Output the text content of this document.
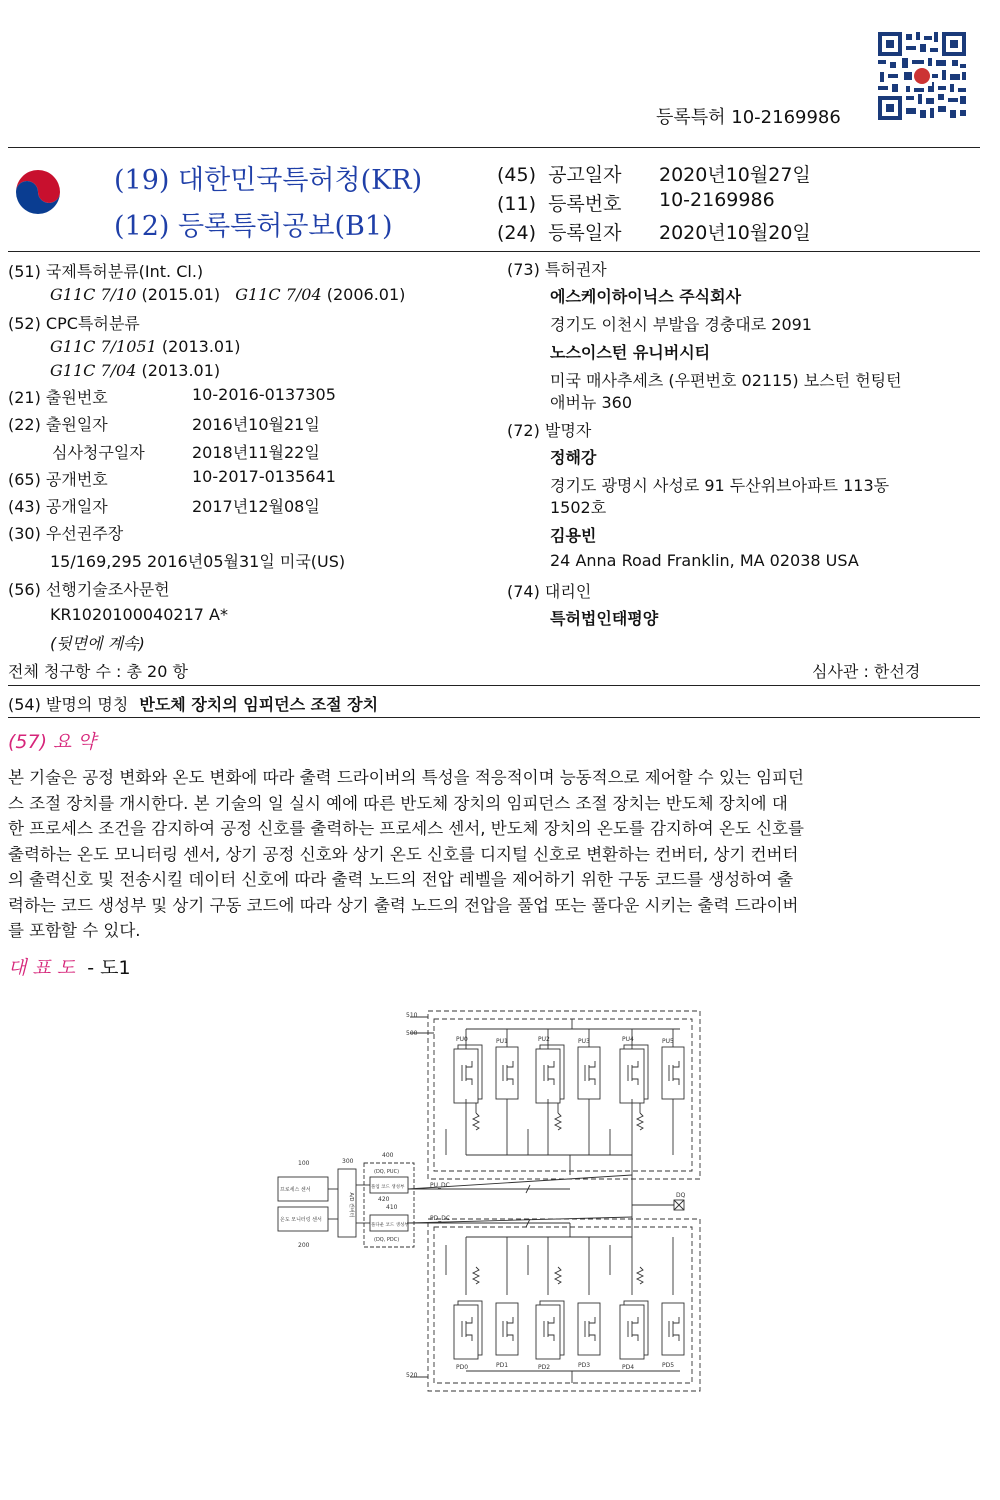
등록특허 10-2169986
(19) 대한민국특허청(KR)
(12) 등록특허공보(B1)
(45) 공고일자 2020년10월27일
(11) 등록번호 10-2169986
(24) 등록일자 2020년10월20일
(51) 국제특허분류(Int. Cl.)
G11C 7/10 (2015.01) G11C 7/04 (2006.01)
(52) CPC특허분류
G11C 7/1051 (2013.01)
G11C 7/04 (2013.01)
(21) 출원번호	10-2016-0137305
(22) 출원일자	2016년10월21일
심사청구일자	2018년11월22일
(65) 공개번호	10-2017-0135641
(43) 공개일자	2017년12월08일
(30) 우선권주장
15/169,295 2016년05월31일 미국(US)
(56) 선행기술조사문헌
KR1020100040217 A*
(뒷면에 계속)
(73) 특허권자
에스케이하이닉스 주식회사
경기도 이천시 부발읍 경충대로 2091
노스이스턴 유니버시티
미국 매사추세츠 (우편번호 02115) 보스턴 헌팅턴
애버뉴 360
(72) 발명자
정해강
경기도 광명시 사성로 91 두산위브아파트 113동
1502호
김용빈
24 Anna Road Franklin, MA 02038 USA
(74) 대리인
특허법인태평양
전체 청구항 수 : 총 20 항	심사관 : 한선경
(54) 발명의 명칭 반도체 장치의 임피던스 조절 장치
(57) 요 약
본 기술은 공정 변화와 온도 변화에 따라 출력 드라이버의 특성을 적응적이며 능동적으로 제어할 수 있는 임피던
스 조절 장치를 개시한다. 본 기술의 일 실시 예에 따른 반도체 장치의 임피던스 조절 장치는 반도체 장치에 대
한 프로세스 조건을 감지하여 공정 신호를 출력하는 프로세스 센서, 반도체 장치의 온도를 감지하여 온도 신호를
출력하는 온도 모니터링 센서, 상기 공정 신호와 상기 온도 신호를 디지털 신호로 변환하는 컨버터, 상기 컨버터
의 출력신호 및 전송시킬 데이터 신호에 따라 출력 노드의 전압 레벨을 제어하기 위한 구동 코드를 생성하여 출
력하는 코드 생성부 및 상기 구동 코드에 따라 상기 출력 노드의 전압을 풀업 또는 풀다운 시키는 출력 드라이버
를 포함할 수 있다.
대 표 도 - 도1
510
500
520
100
200
300
400
410
420
프로세스 센서
온도 모니터링 센서
A/D 컨버터
풀업 코드 생성부
풀다운 코드 생성부
(DQ, PUC)
(DQ, PDC)
PU_DC
PD_DC
DQ
PU0	PU1	PU2	PU3	PU4	PU5
PD0	PD1	PD2	PD3	PD4	PD5
